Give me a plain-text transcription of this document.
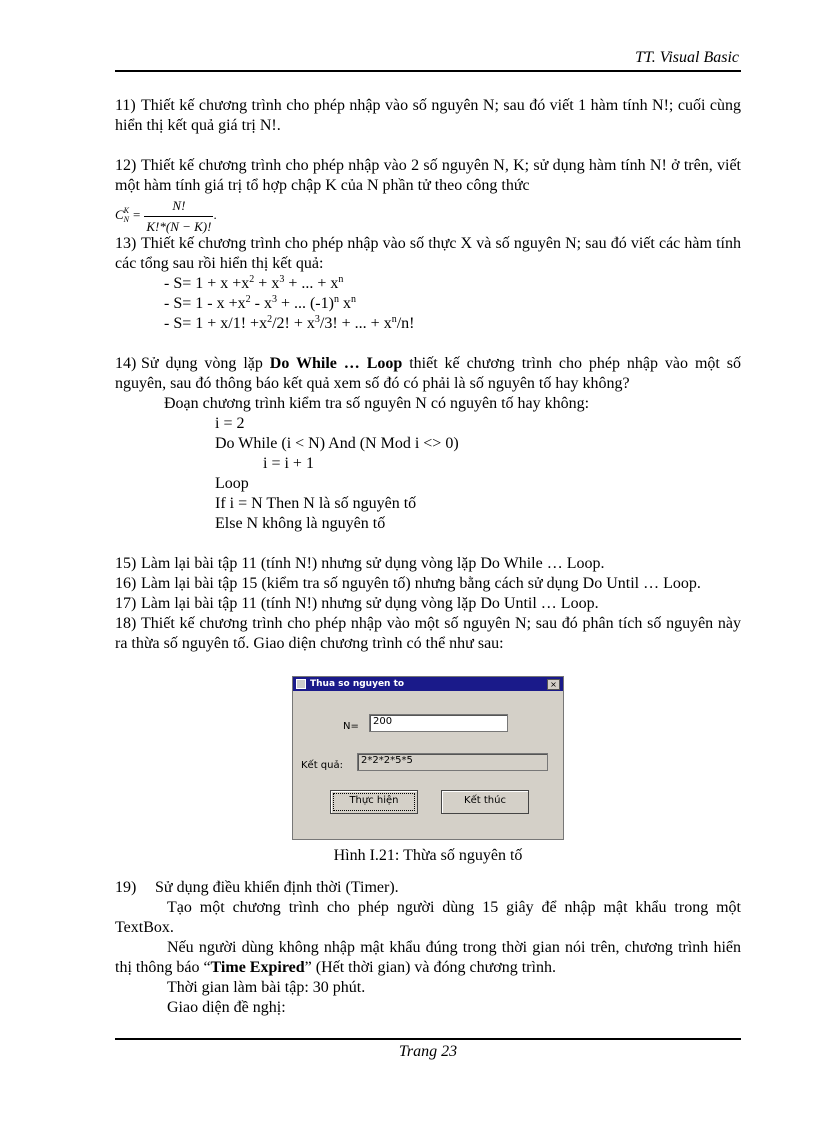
TT. Visual Basic

11) Thiết kế chương trình cho phép nhập vào số nguyên N; sau đó viết 1 hàm tính N!; cuối cùng hiển thị kết quả giá trị N!.

12) Thiết kế chương trình cho phép nhập vào 2 số nguyên N, K; sử dụng hàm tính N! ở trên, viết một hàm tính giá trị tổ hợp chập K của N phần tử theo công thức

C K
$N = \frac{N!}{K!*(N - K)!}$ .

13) Thiết kế chương trình cho phép nhập vào số thực X và số nguyên N; sau đó viết các hàm tính các tổng sau rồi hiển thị kết quả:

- $S= 1 + x +x^2 + x^3$ + ... + $x^n$

- $S= 1 - x +x^2 - x^3$ + ... $(-1)^n$ $x^n$

- S= 1 + x/1! $+x^2/2$! + $x^3/3$! + ... + $x^n/n$!

14) Sử dụng vòng lặp Do While … Loop thiết kế chương trình cho phép nhập vào một số nguyên, sau đó thông báo kết quả xem số đó có phải là số nguyên tố hay không?

Đoạn chương trình kiểm tra số nguyên N có nguyên tố hay không:

i = 2

Do While (i < N) And (N Mod i <> 0)

i = i + 1

Loop

If i = N Then N là số nguyên tố

Else N không là nguyên tố

15) Làm lại bài tập 11 (tính N!) nhưng sử dụng vòng lặp Do While … Loop.

16) Làm lại bài tập 15 (kiểm tra số nguyên tố) nhưng bằng cách sử dụng Do Until … Loop.

17) Làm lại bài tập 11 (tính N!) nhưng sử dụng vòng lặp Do Until … Loop.

18) Thiết kế chương trình cho phép nhập vào một số nguyên N; sau đó phân tích số nguyên này ra thừa số nguyên tố. Giao diện chương trình có thể như sau:

Thua so nguyen to	×
N=	200
Kết quả:	2*2*2*5*5
Thực hiện	Kết thúc
Hình I.21: Thừa số nguyên tố

19) Sử dụng điều khiển định thời (Timer).

Tạo một chương trình cho phép người dùng 15 giây để nhập mật khẩu trong một TextBox.

Nếu người dùng không nhập mật khẩu đúng trong thời gian nói trên, chương trình hiển thị thông báo “Time Expired” (Hết thời gian) và đóng chương trình.

Thời gian làm bài tập: 30 phút.

Giao diện đề nghị:

Trang 23
